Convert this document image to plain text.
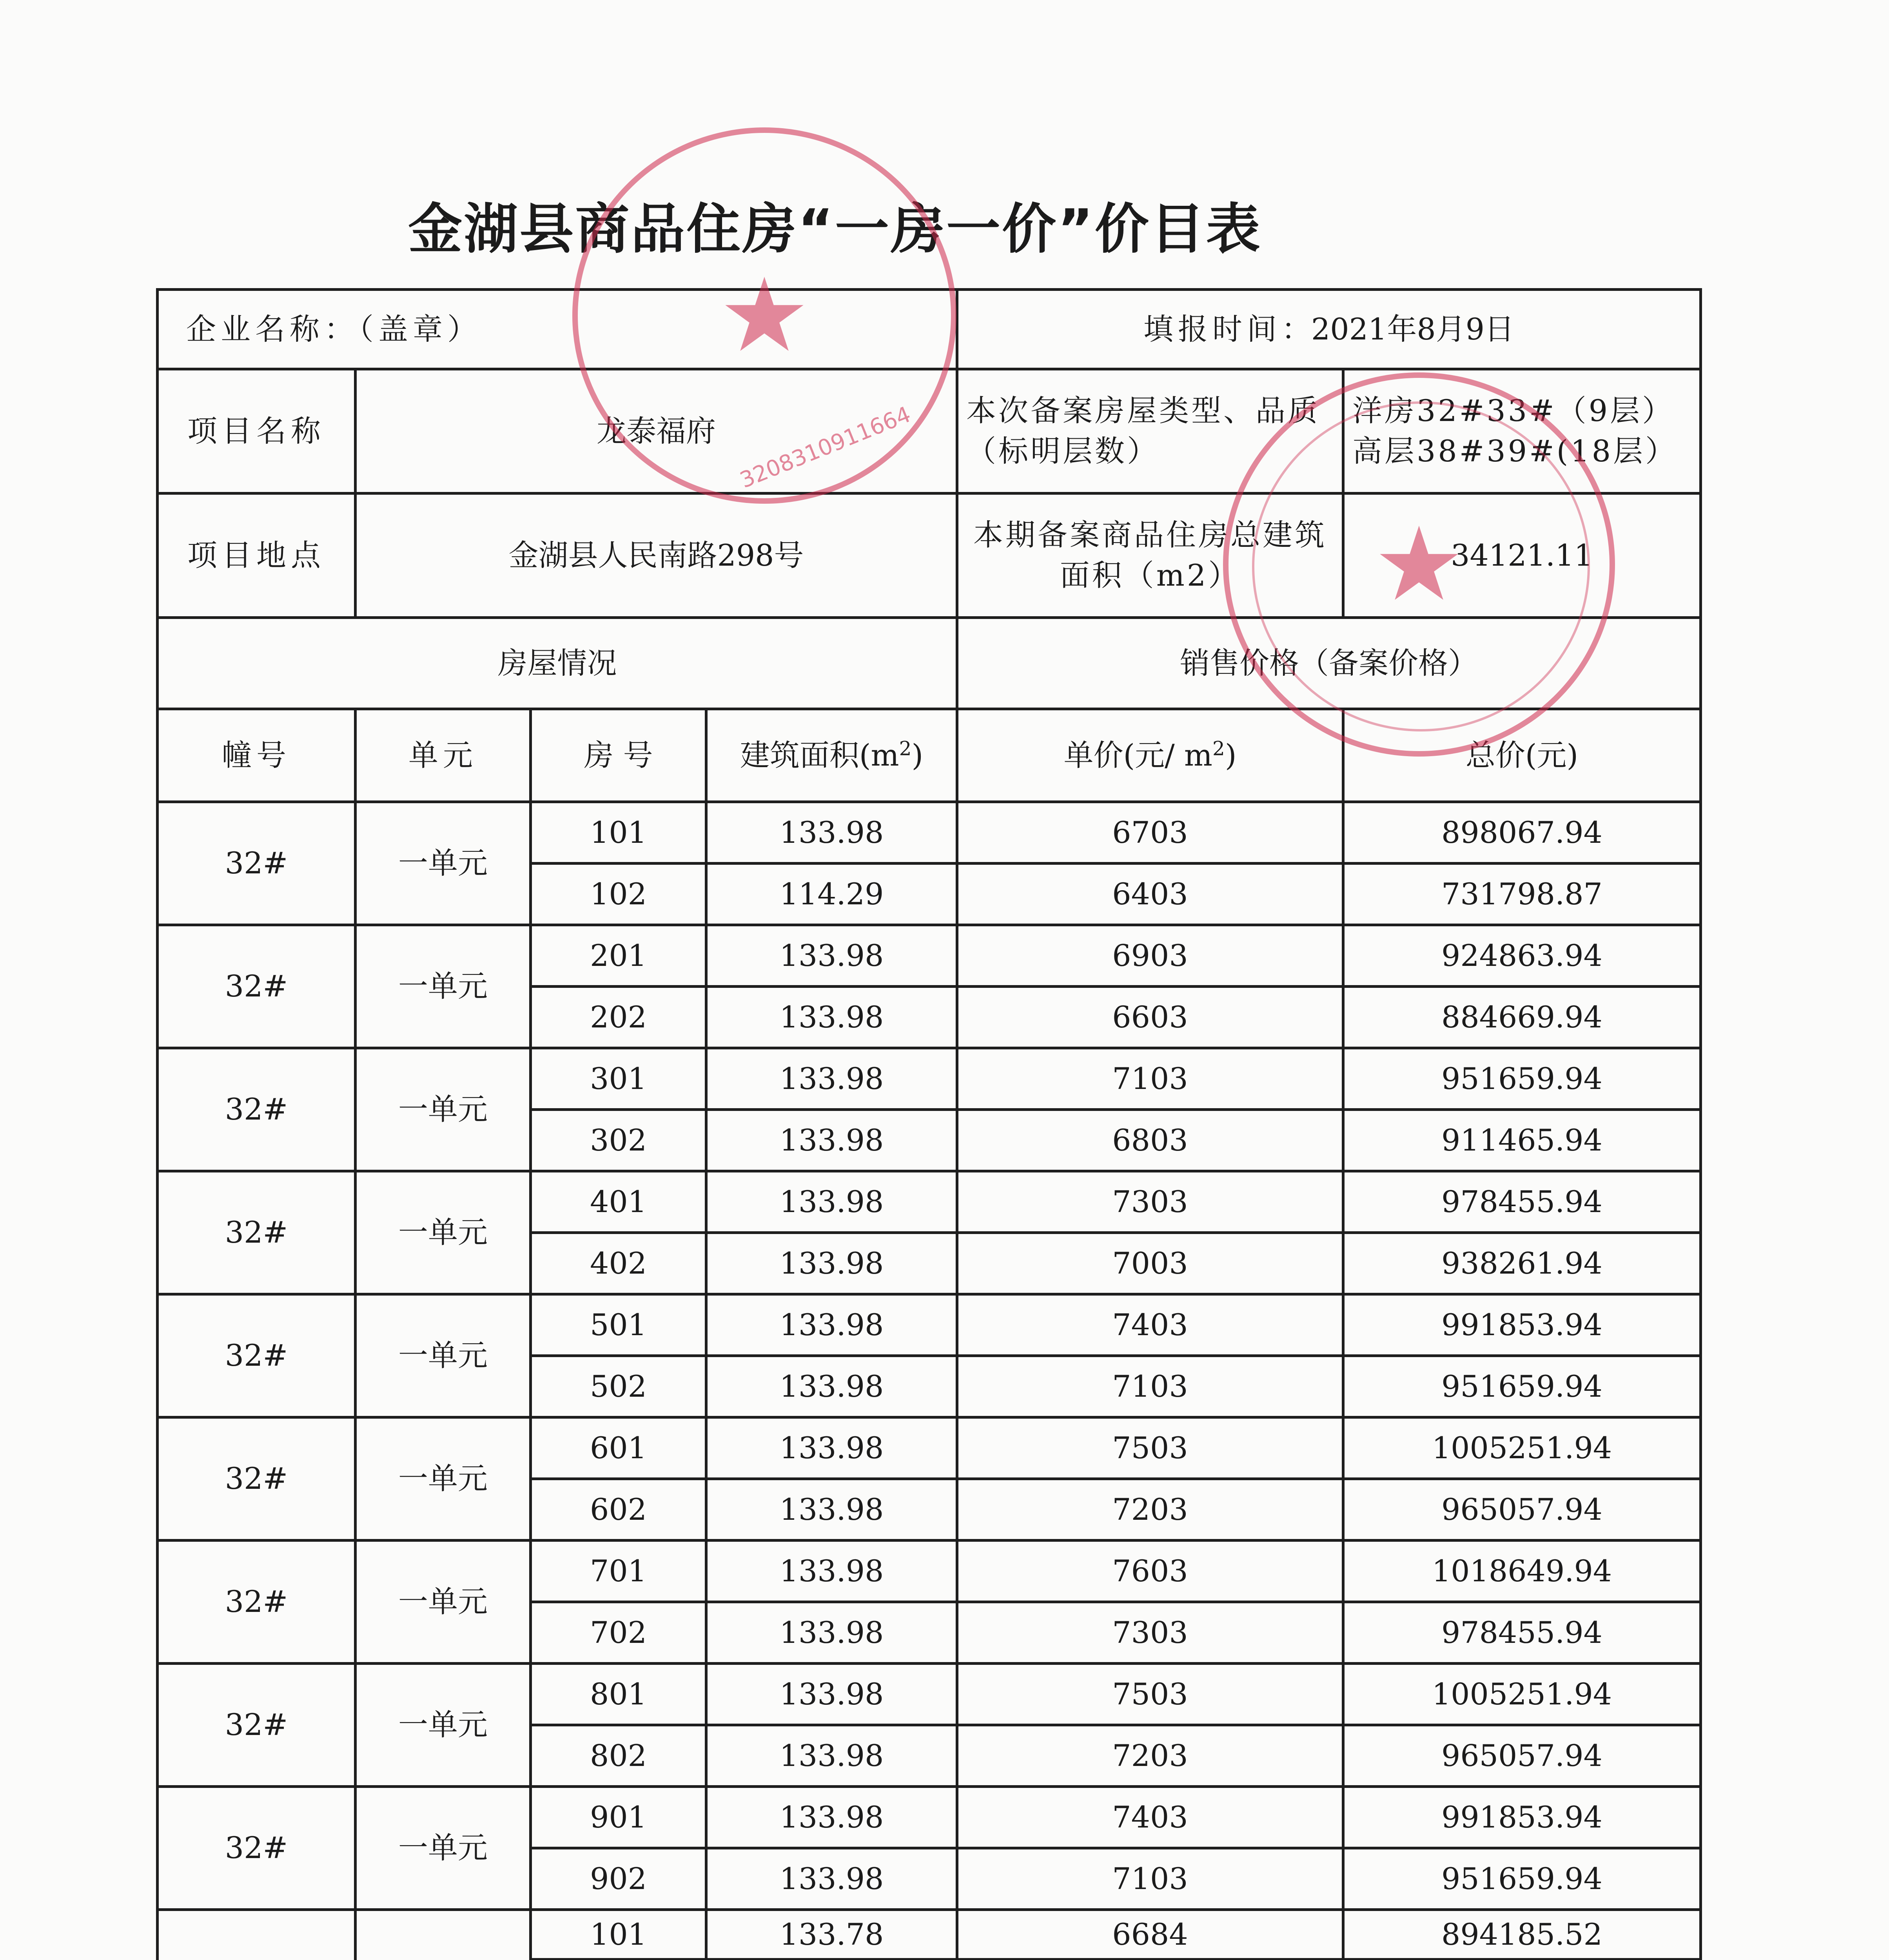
金湖县商品住房“一房一价”价目表
企业名称：（盖章）				填报时间：2021年8月9日	
项目名称	龙泰福府			本次备案房屋类型、品质（标明层数）	洋房32#33#（9层）
高层38#39#(18层）

项目地点	金湖县人民南路298号			本期备案商品住房总建筑面积（m2）	34121.11
房屋情况				销售价格（备案价格）	
幢号	单元	房 号	建筑面积$(m^2)$	单价(元/ $m^2$)	总价(元)
32#	一单元	101	133.98	6703	898067.94
		102	114.29	6403	731798.87
32#	一单元	201	133.98	6903	924863.94
		202	133.98	6603	884669.94
32#	一单元	301	133.98	7103	951659.94
		302	133.98	6803	911465.94
32#	一单元	401	133.98	7303	978455.94
		402	133.98	7003	938261.94
32#	一单元	501	133.98	7403	991853.94
		502	133.98	7103	951659.94
32#	一单元	601	133.98	7503	1005251.94
		602	133.98	7203	965057.94
32#	一单元	701	133.98	7603	1018649.94
		702	133.98	7303	978455.94
32#	一单元	801	133.98	7503	1005251.94
		802	133.98	7203	965057.94
32#	一单元	901	133.98	7403	991853.94
		902	133.98	7103	951659.94
		101	133.78	6684	894185.52

★
3208310911664
★
